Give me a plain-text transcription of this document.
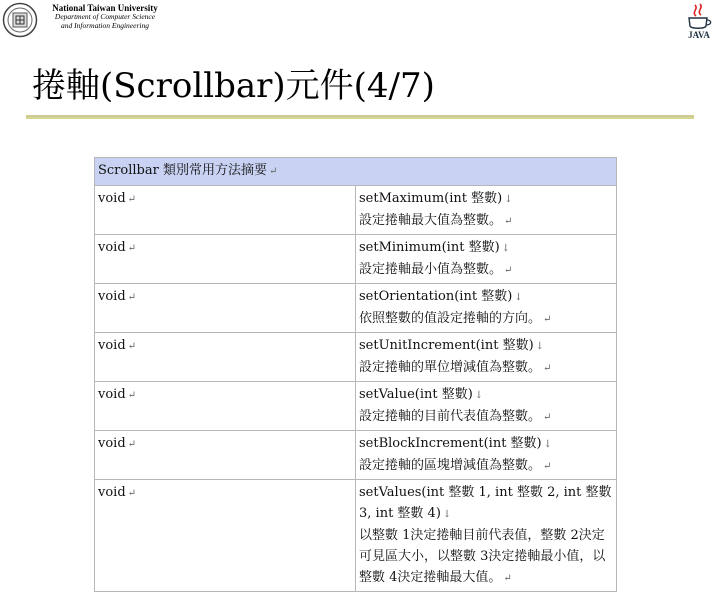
National Taiwan University
Department of Computer Science
and Information Engineering
JAVA
捲軸(Scrollbar)元件(4/7)
Scrollbar 類別常用方法摘要 ↵	
void ↵	setMaximum(int 整數) ↓
設定捲軸最大值為整數。 ↵
void ↵	setMinimum(int 整數) ↓
設定捲軸最小值為整數。 ↵
void ↵	setOrientation(int 整數) ↓
依照整數的值設定捲軸的方向。 ↵
void ↵	setUnitIncrement(int 整數) ↓
設定捲軸的單位增減值為整數。 ↵
void ↵	setValue(int 整數) ↓
設定捲軸的目前代表值為整數。 ↵
void ↵	setBlockIncrement(int 整數) ↓
設定捲軸的區塊增減值為整數。 ↵
void ↵	setValues(int 整數 1, int 整數 2, int 整數 3, int 整數 4) ↓
以整數 1決定捲軸目前代表值，整數 2決定可見區大小，以整數 3決定捲軸最小值，以整數 4決定捲軸最大值。 ↵
